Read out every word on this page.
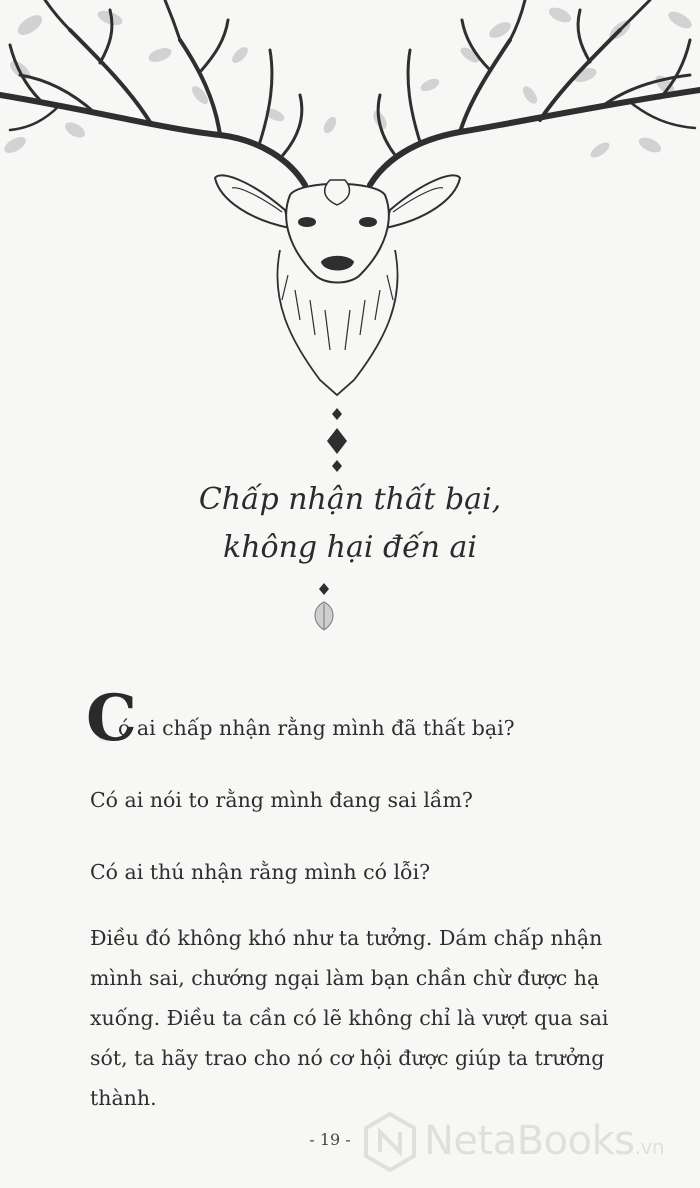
Chấp nhận thất bại,
không hại đến ai
C
ó ai chấp nhận rằng mình đã thất bại?
Có ai nói to rằng mình đang sai lầm?
Có ai thú nhận rằng mình có lỗi?
Điều đó không khó như ta tưởng. Dám chấp nhận mình sai, chướng ngại làm bạn chần chừ được hạ xuống. Điều ta cần có lẽ không chỉ là vượt qua sai sót, ta hãy trao cho nó cơ hội được giúp ta trưởng thành.
- 19 -	NetaBooks.vn
